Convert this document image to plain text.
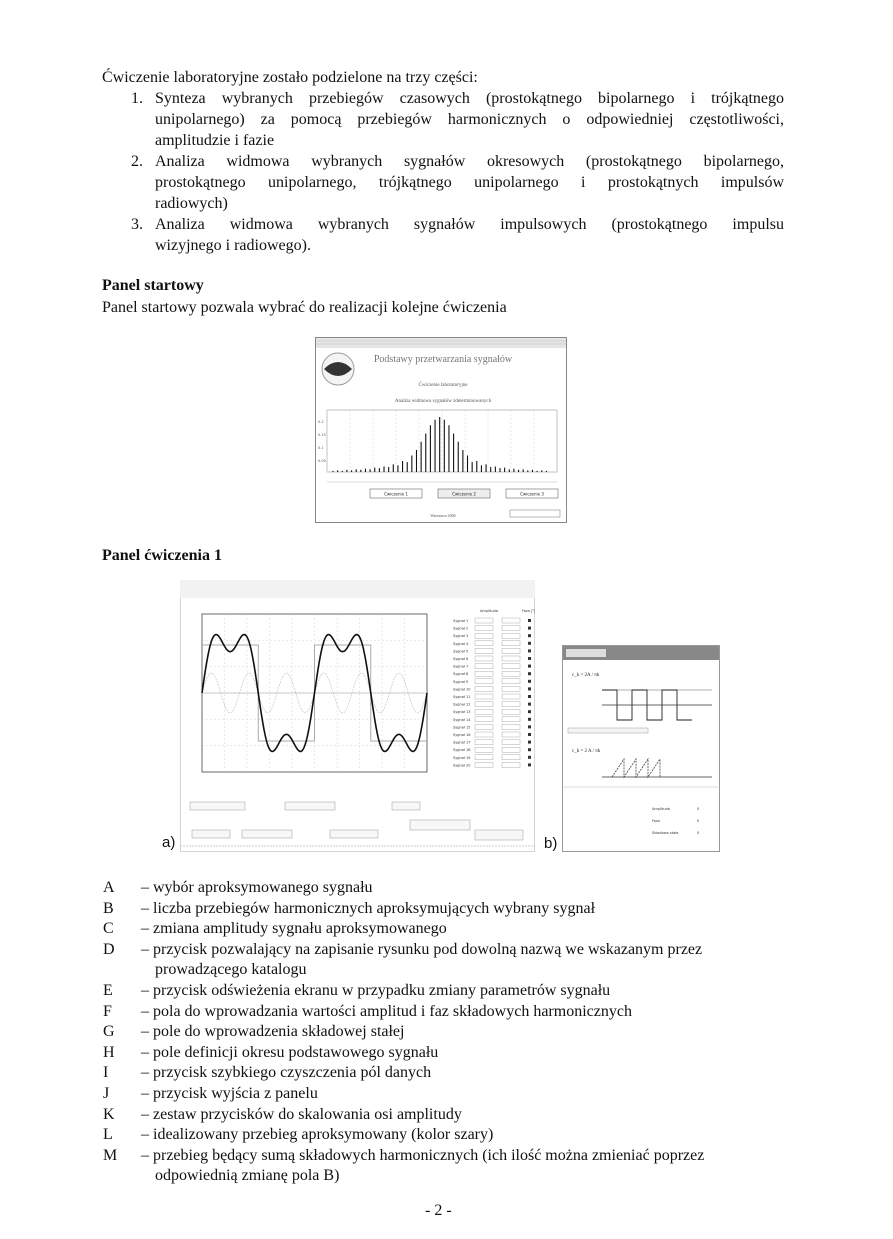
Ćwiczenie laboratoryjne zostało podzielone na trzy części:
1. Synteza wybranych przebiegów czasowych (prostokątnego bipolarnego i trójkątnego
unipolarnego) za pomocą przebiegów harmonicznych o odpowiedniej częstotliwości,
amplitudzie i fazie
2. Analiza widmowa wybranych sygnałów okresowych (prostokątnego bipolarnego,
prostokątnego unipolarnego, trójkątnego unipolarnego i prostokątnych impulsów
radiowych)
3. Analiza widmowa wybranych sygnałów impulsowych (prostokątnego impulsu
wizyjnego i radiowego).
Panel startowy
Panel startowy pozwala wybrać do realizacji kolejne ćwiczenia
Podstawy przetwarzania sygnałów
Ćwiczenie laboratoryjne
Analiza widmowa sygnałów zdeterminowanych
0.2
0.15
0.1
0.05
Ćwiczenie 1	Ćwiczenie 2	Ćwiczenie 3
Warszawa 2006
Panel ćwiczenia 1
Amplituda	Faza [°]
Sygnał 1
Sygnał 2
Sygnał 3
Sygnał 4
Sygnał 5
Sygnał 6
Sygnał 7
Sygnał 8
Sygnał 9
Sygnał 10
Sygnał 11
Sygnał 12
Sygnał 13
Sygnał 14
Sygnał 15
Sygnał 16
Sygnał 17
Sygnał 18
Sygnał 19
Sygnał 20
a)
c_k = 2A / πk
c_k = 2 A / πk
Amplituda	0
Faza	0
Składowa stała	0
b)
A	– wybór aproksymowanego sygnału
B	– liczba przebiegów harmonicznych aproksymujących wybrany sygnał
C	– zmiana amplitudy sygnału aproksymowanego
D	– przycisk pozwalający na zapisanie rysunku pod dowolną nazwą we wskazanym przez
prowadzącego katalogu
E	– przycisk odświeżenia ekranu w przypadku zmiany parametrów sygnału
F	– pola do wprowadzania wartości amplitud i faz składowych harmonicznych
G	– pole do wprowadzenia składowej stałej
H	– pole definicji okresu podstawowego sygnału
I	– przycisk szybkiego czyszczenia pól danych
J	– przycisk wyjścia z panelu
K	– zestaw przycisków do skalowania osi amplitudy
L	– idealizowany przebieg aproksymowany (kolor szary)
M	– przebieg będący sumą składowych harmonicznych (ich ilość można zmieniać poprzez
odpowiednią zmianę pola B)
- 2 -
